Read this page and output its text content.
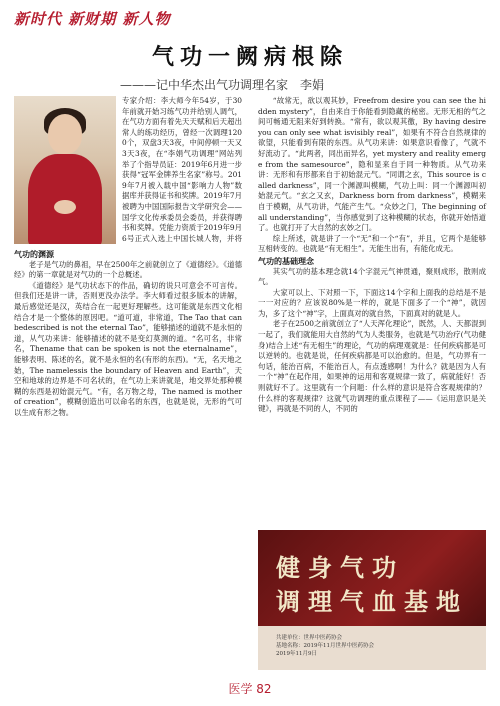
新时代 新财期 新人物
气功一阙病根除
———记中华杰出气功调理名家　李娟

专家介绍：李大师今年54岁，于30年前就开始习练气功并给别人调气，在气功方面有着先天天赋和后天超出常人的练功经历，曾经一次调理1200个，双盘3天3夜，中间停顿一天又3天3夜，在“李娟气功调理”网站列举了个指导员证：2019年6月进一步获得“冠军金牌养生名家”称号。2019年7月被入载中国“影响力人物”数据库并获得证书和奖牌。2019年7月被聘为中国国际报告文学研究会——国学文化传承委员会委员，并获得聘书和奖牌。凭能力资质于2019年9月6号正式入选上中国长城人物，并将

气功的渊源

老子是气功的鼻祖，早在2500年之前就创立了《道德经》。《道德经》的第一章就是对气功的一个总概述。

《道德经》是气功状态下的作品，确切的说只可意会不可言传。但我们还是讲一讲，否则更没办法学。李大师看过很多版本的讲解，最后感觉还是汉，英结合在一起更好理解些。这可能就是东西文化相结合才是一个整体的原因吧。“道可道，非常道，The Tao that can bedescribed is not the eternal Tao”，能够描述的道就不是永恒的道，从气功来讲：能够描述的就不是变幻莫测的道。“名可名，非常名，Thename that can be spoken is not the eternalname”，能够表明、陈述的名，就不是永恒的名(有形的东西)。“无，名天地之始，The namelessis the boundary of Heaven and Earth”，天空和地球的边界是不可名状的，在气功上来讲就是，地交界处那种模糊的东西是初始混元气。“有，名万物之母，The named is mother of creation”，模糊创造出可以命名的东西，也就是说，无形的气可以生成有形之物。

“故常无，欲以观其妙，Freefrom desire you can see the hidden mystery”，自由来自于你能看到隐藏的秘密。无形无相的气之间可畅通无阻来好到转换。“常有，欲以观其徼，By having desire you can only see what isvisibly real”，如果有不符合自然规律的欲望，只能看到有限的东西。从气功来讲：如果意识看像了，气就不好流动了。“此两者，同出而异名，yet mystery and reality emerge from the samesource”，隐和显来自于同一种物质。从气功来讲：无形和有形都来自于初始混元气。“同谓之玄，This source is called darkness”，同一个渊源叫模糊，气功上叫：同一个渊源叫初始混元气。“玄之又玄，Darkness born from darkness”，模糊来自于模糊，从气功讲，气能产生气。“众妙之门，The beginning of all understanding”，当你感觉到了这种模糊的状态，你就开始悟道了。也就打开了大自然的玄妙之门。

综上所述，就是讲了一个“无”和一个“有”，并且，它两个是能够互相转变的。也就是“有无相生”。无能生出有，有能化成无。

气功的基础理念

其实气功的基本理念就14个字混元气神贯通，聚则成形，散则成气。

大家可以上、下对照一下，下面这14个字和上面我的总结是不是一一对应的？应该说80%是一样的，就是下面多了一个“神”，就因为，多了这个“神”字，上面真对的就自然，下面真对的就是人。

老子在2500之前就创立了“人天浑化理论”，既然，人、天都混到一起了，我们就能用大自然的气为人类服务，也就是气功治疗(气功健身)结合上述“有无相生”的理论，气功的病理观就是：任何疾病都是可以逆转的。也就是说，任何疾病都是可以治愈的。但是，气功界有一句话，能治百病，不能治百人，有点透感啊！为什么？就是因为人有一个“神”在起作用，如果神的运用和客观规律一致了，病就能好！否则就好不了。这里就有一个问题：什么样的意识是符合客观规律的？什么样的客观规律？这就气功调理的重点课程了——《运用意识是关键》，再就是不同的人，不同的

健身气功
调理气血基地
共建单位：世界中医药协会
基地名称：2019年11月世界中医药协会
2019年11月9日
医学 82
